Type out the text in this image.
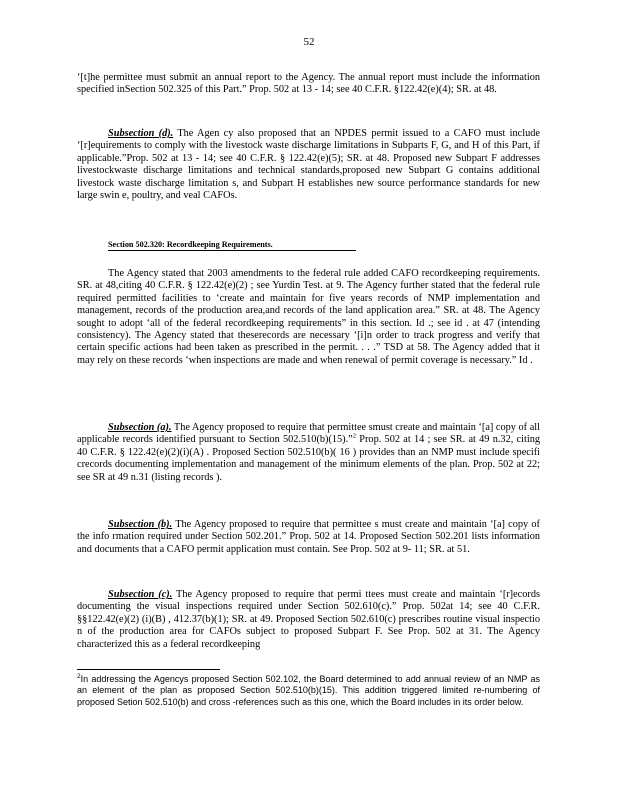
52

‘[t]he permittee must submit an annual report to the Agency. The annual report must include the information specified inSection 502.325 of this Part.” Prop. 502 at 13 - 14; see 40 C.F.R. §122.42(e)(4); SR. at 48.

Subsection (d). The Agen cy also proposed that an NPDES permit issued to a CAFO must include ‘[r]equirements to comply with the livestock waste discharge limitations in Subparts F, G, and H of this Part, if applicable.”Prop. 502 at 13 - 14; see 40 C.F.R. § 122.42(e)(5); SR. at 48. Proposed new Subpart F addresses livestockwaste discharge limitations and technical standards,proposed new Subpart G contains additional livestock waste discharge limitation s, and Subpart H establishes new source performance standards for new large swin e, poultry, and veal CAFOs.

Section 502.320: Recordkeeping Requirements.

The Agency stated that 2003 amendments to the federal rule added CAFO recordkeeping requirements. SR. at 48,citing 40 C.F.R. § 122.42(e)(2) ; see Yurdin Test. at 9. The Agency further stated that the federal rule required permitted facilities to ‘create and maintain for five years records of NMP implementation and management, records of the production area,and records of the land application area.” SR. at 48. The Agency sought to adopt ‘all of the federal recordkeeping requirements” in this section. Id .; see id . at 47 (intending consistency). The Agency stated that theserecords are necessary ‘[i]n order to track progress and verify that certain specific actions had been taken as prescribed in the permit. . . .” TSD at 58. The Agency added that it may rely on these records ‘when inspections are made and when renewal of permit coverage is necessary.” Id .

Subsection (a). The Agency proposed to require that permittee smust create and maintain ‘[a] copy of all applicable records identified pursuant to Section 502.510(b)(15).”$^2$ Prop. 502 at 14 ; see SR. at 49 n.32, citing 40 C.F.R. § 122.42(e)(2)(i)(A) . Proposed Section 502.510(b)( 16 ) provides than an NMP must include specifi crecords documenting implementation and management of the minimum elements of the plan. Prop. 502 at 22; see SR at 49 n.31 (listing records ).

Subsection (b). The Agency proposed to require that permittee s must create and maintain ‘[a] copy of the info rmation required under Section 502.201.” Prop. 502 at 14. Proposed Section 502.201 lists information and documents that a CAFO permit application must contain. See Prop. 502 at 9- 11; SR. at 51.

Subsection (c). The Agency proposed to require that permi ttees must create and maintain ‘[r]ecords documenting the visual inspections required under Section 502.610(c).” Prop. 502at 14; see 40 C.F.R. §§122.42(e)(2) (i)(B) , 412.37(b)(1); SR. at 49. Proposed Section 502.610(c) prescribes routine visual inspectio n of the production area for CAFOs subject to proposed Subpart F. See Prop. 502 at 31. The Agency characterized this as a federal recordkeeping

$^2$In addressing the Agencys proposed Section 502.102, the Board determined to add annual review of an NMP as an element of the plan as proposed Section 502.510(b)(15). This addition triggered limited re-numbering of proposed Setion 502.510(b) and cross -references such as this one, which the Board includes in its order below.
